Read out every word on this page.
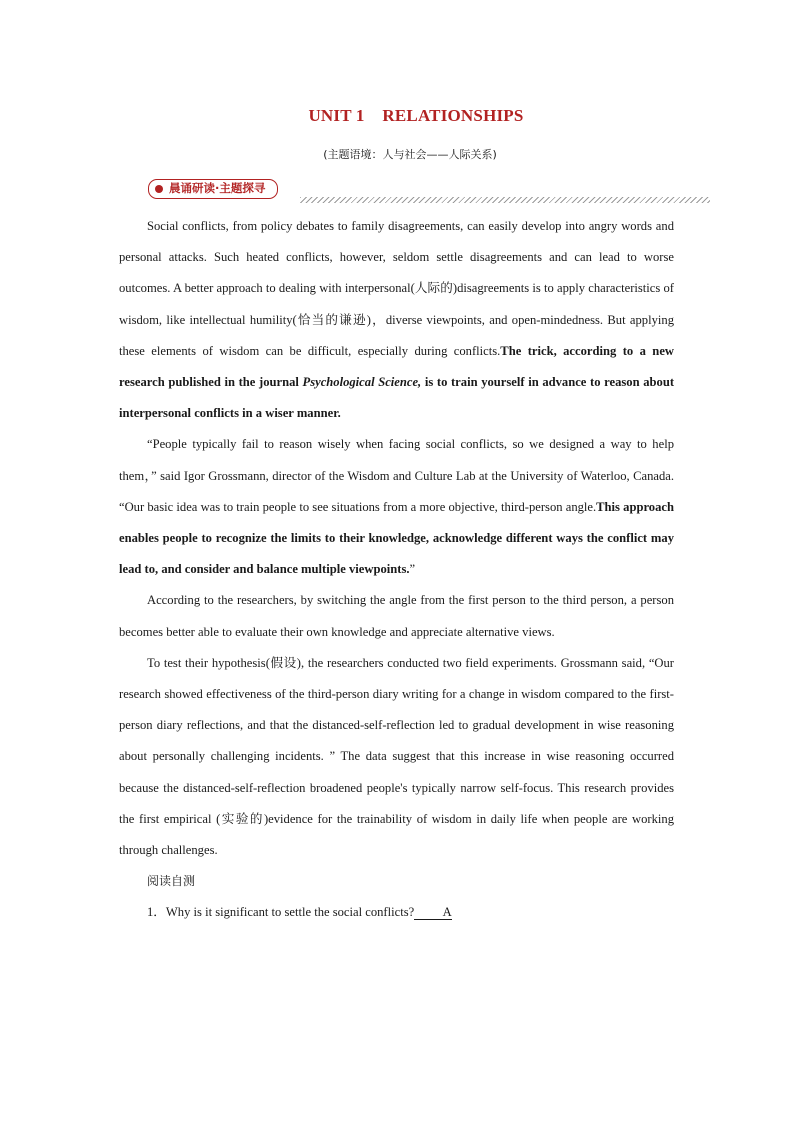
UNIT 1    RELATIONSHIPS
(主题语境：人与社会——人际关系)
晨诵研读·主题探寻

Social conflicts, from policy debates to family disagreements, can easily develop into angry words and personal attacks. Such heated conflicts, however, seldom settle disagreements and can lead to worse outcomes. A better approach to dealing with interpersonal(人际的)disagreements is to apply characteristics of wisdom, like intellectual humility(恰当的谦逊)，diverse viewpoints, and open-mindedness. But applying these elements of wisdom can be difficult, especially during conflicts.The trick, according to a new research published in the journal Psychological Science, is to train yourself in advance to reason about interpersonal conflicts in a wiser manner.

“People typically fail to reason wisely when facing social conflicts, so we designed a way to help them，” said Igor Grossmann, director of the Wisdom and Culture Lab at the University of Waterloo, Canada. “Our basic idea was to train people to see situations from a more objective, third-person angle.This approach enables people to recognize the limits to their knowledge, acknowledge different ways the conflict may lead to, and consider and balance multiple viewpoints.”

According to the researchers, by switching the angle from the first person to the third person, a person becomes better able to evaluate their own knowledge and appreciate alternative views.

To test their hypothesis(假设), the researchers conducted two field experiments. Grossmann said, “Our research showed effectiveness of the third-person diary writing for a change in wisdom compared to the first-person diary reflections, and that the distanced-self-reflection led to gradual development in wise reasoning about personally challenging incidents. ” The data suggest that this increase in wise reasoning occurred because the distanced-self-reflection broadened people's typically narrow self-focus. This research provides the first empirical (实验的)evidence for the trainability of wisdom in daily life when people are working through challenges.

阅读自测

1．Why is it significant to settle the social conflicts? A
